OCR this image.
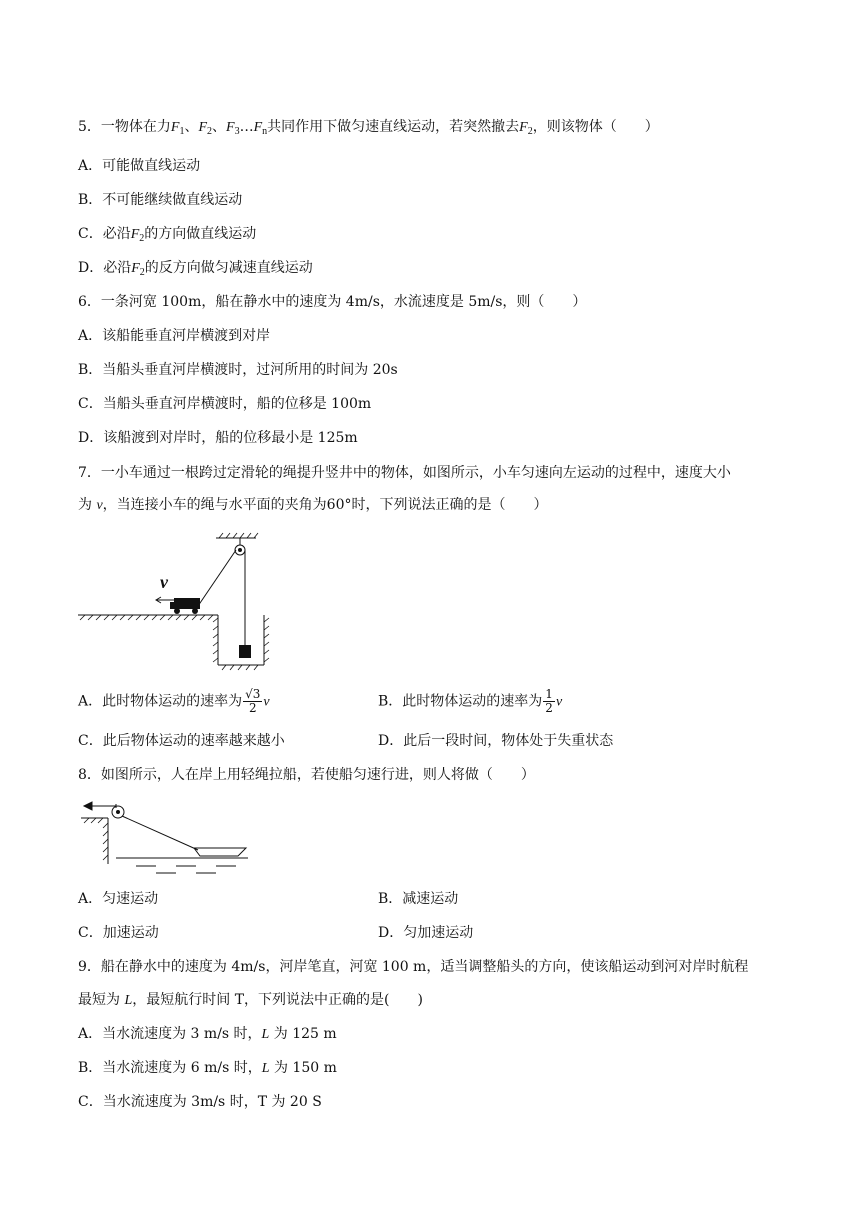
5．一物体在力$F_1$、$F_2$、$F_3\dots F_n$共同作用下做匀速直线运动，若突然撤去$F_2$，则该物体（　　）
A．可能做直线运动
B．不可能继续做直线运动
C．必沿$F_2$的方向做直线运动
D．必沿$F_2$的反方向做匀减速直线运动
6．一条河宽 100m，船在静水中的速度为 4m/s，水流速度是 5m/s，则（　　）
A．该船能垂直河岸横渡到对岸
B．当船头垂直河岸横渡时，过河所用的时间为 20s
C．当船头垂直河岸横渡时，船的位移是 100m
D．该船渡到对岸时，船的位移最小是 125m
7．一小车通过一根跨过定滑轮的绳提升竖井中的物体，如图所示，小车匀速向左运动的过程中，速度大小
为 v，当连接小车的绳与水平面的夹角为60°时，下列说法正确的是（　　）
v
A．此时物体运动的速率为 $\frac{√3}{2}$ v	B．此时物体运动的速率为 $\frac{1}{2}$ v
C．此后物体运动的速率越来越小	D．此后一段时间，物体处于失重状态
8．如图所示，人在岸上用轻绳拉船，若使船匀速行进，则人将做（　　）
A．匀速运动	B．减速运动
C．加速运动	D．匀加速运动
9．船在静水中的速度为 4m/s，河岸笔直，河宽 100 m，适当调整船头的方向，使该船运动到河对岸时航程
最短为 L，最短航行时间 T，下列说法中正确的是(　　)
A．当水流速度为 3 m/s 时，L 为 125 m
B．当水流速度为 6 m/s 时，L 为 150 m
C．当水流速度为 3m/s 时，T 为 20 S
